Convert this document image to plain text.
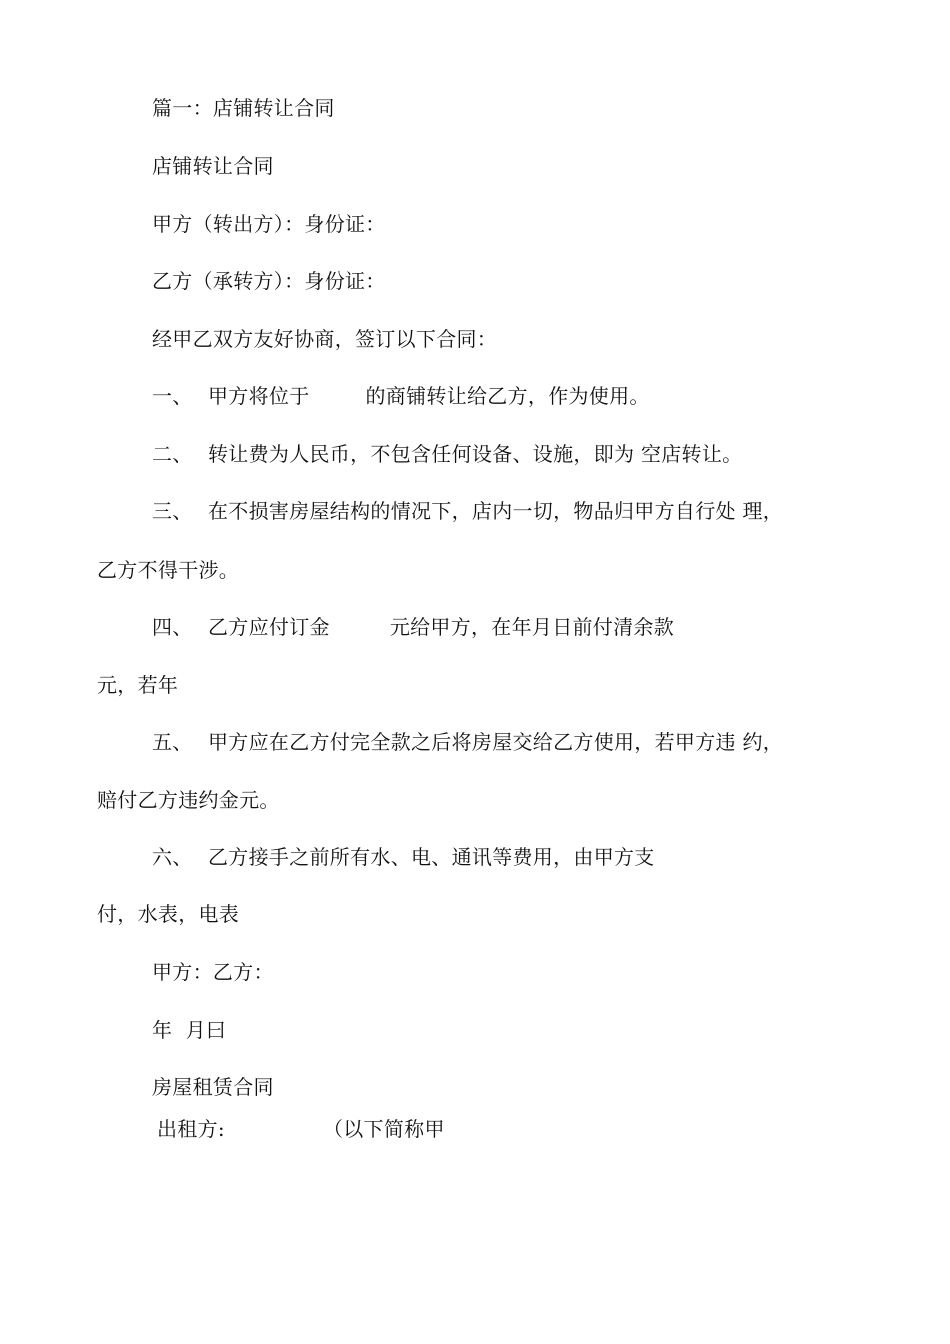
篇一：店铺转让合同
店铺转让合同
甲方（转出方）：身份证：
乙方（承转方）：身份证：
经甲乙双方友好协商，签订以下合同：
一、 甲方将位于	的商铺转让给乙方，作为使用。
二、 转让费为人民币，不包含任何设备、设施，即为 空店转让。
三、 在不损害房屋结构的情况下，店内一切，物品归甲方自行处 理，
乙方不得干涉。
四、 乙方应付订金	元给甲方，在年月日前付清余款
元，若年
五、 甲方应在乙方付完全款之后将房屋交给乙方使用，若甲方违 约，
赔付乙方违约金元。
六、 乙方接手之前所有水、电、通讯等费用，由甲方支
付，水表，电表
甲方：乙方：
年  月曰
房屋租赁合同
出租方:	（以下简称甲
